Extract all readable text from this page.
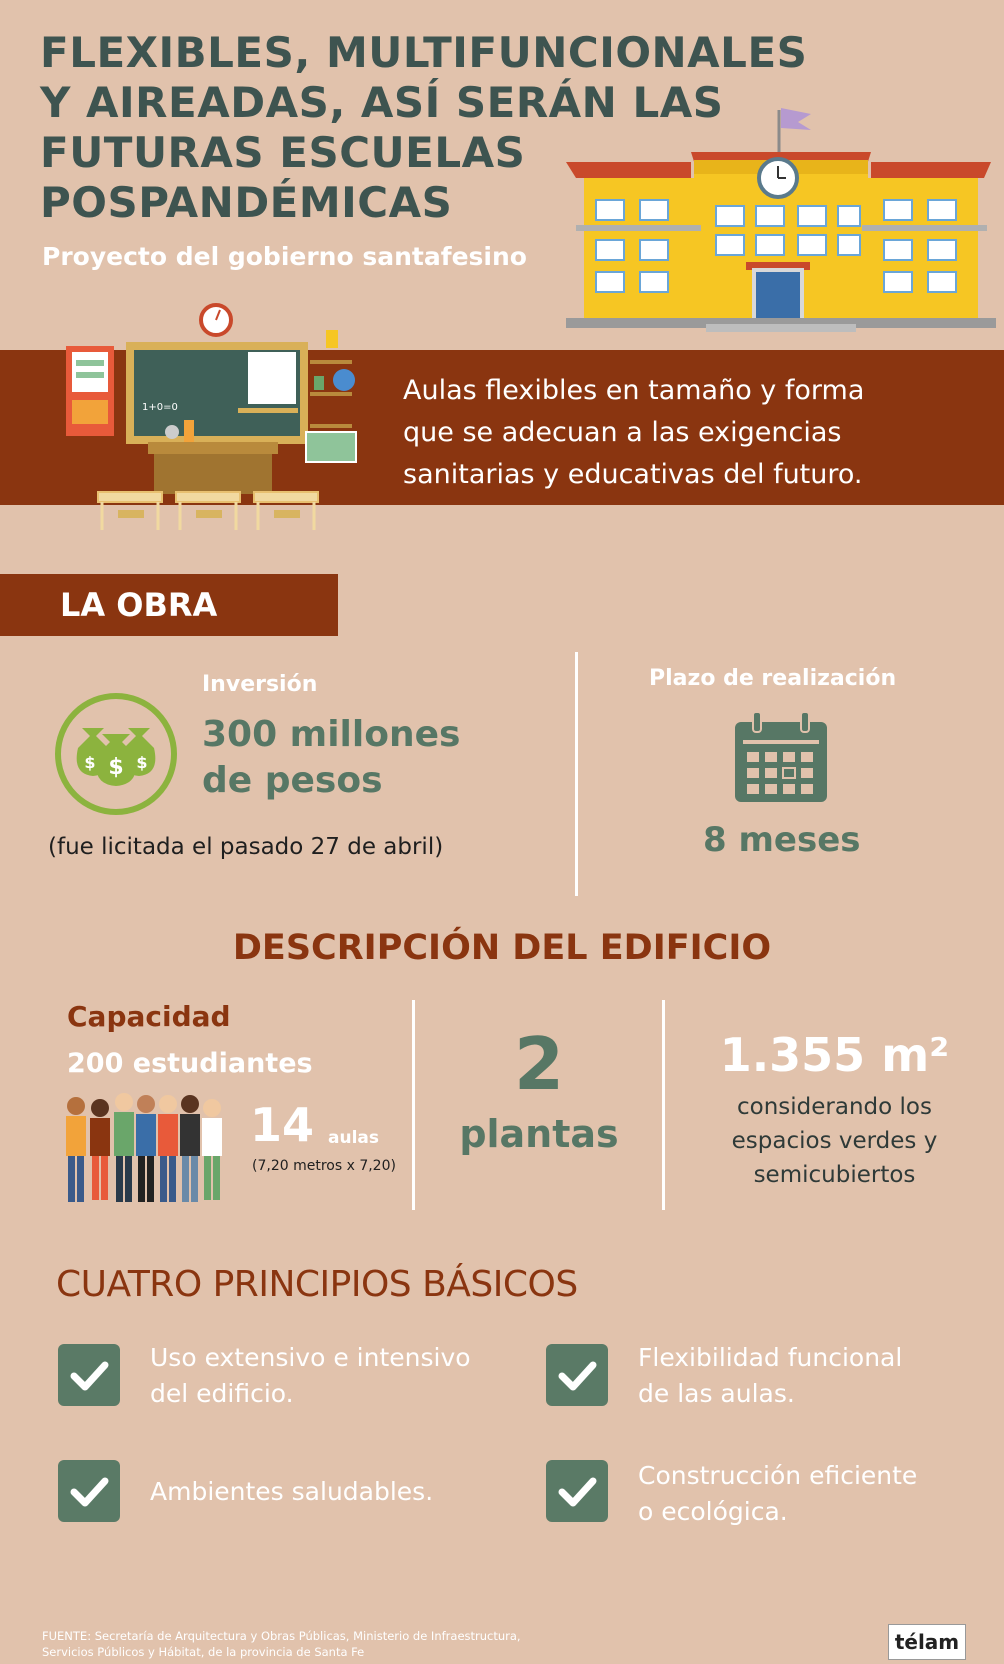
FLEXIBLES, MULTIFUNCIONALES
Y AIREADAS, ASÍ SERÁN LAS
FUTURAS ESCUELAS
POSPANDÉMICAS
Proyecto del gobierno santafesino
1+0=0
Aulas flexibles en tamaño y forma
que se adecuan a las exigencias
sanitarias y educativas del futuro.
LA OBRA
$	$
$
Inversión
300 millones
de pesos
(fue licitada el pasado 27 de abril)
Plazo de realización
8 meses
DESCRIPCIÓN DEL EDIFICIO
Capacidad
200 estudiantes
14 aulas
(7,20 metros x 7,20)
2
plantas
1.355 m²
considerando los
espacios verdes y
semicubiertos
CUATRO PRINCIPIOS BÁSICOS
Uso extensivo e intensivo
del edificio.
Flexibilidad funcional
de las aulas.
Ambientes saludables.
Construcción eficiente
o ecológica.
FUENTE: Secretaría de Arquitectura y Obras Públicas, Ministerio de Infraestructura,
Servicios Públicos y Hábitat, de la provincia de Santa Fe	télam
